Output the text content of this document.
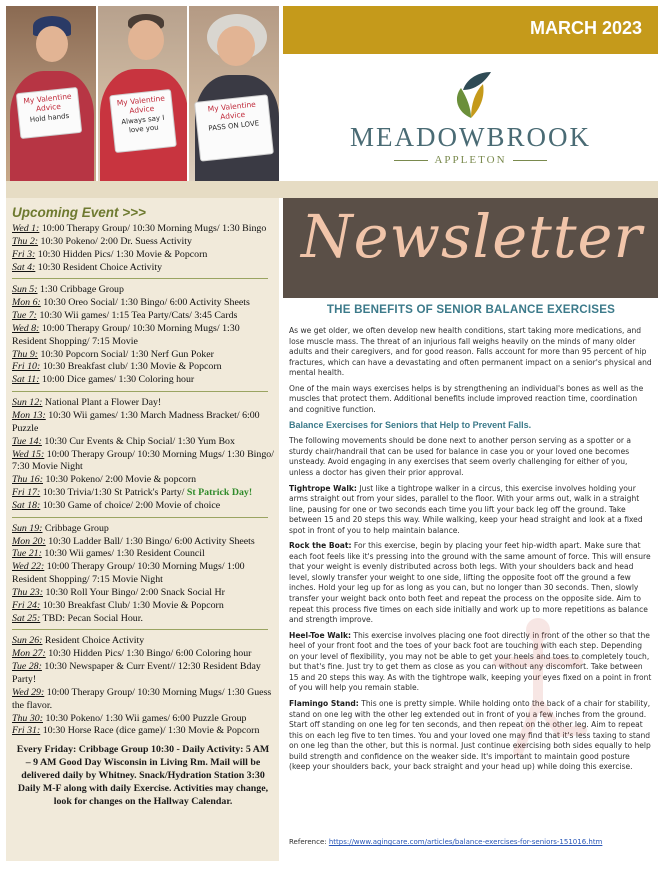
My Valentine Advice
Hold hands
My Valentine Advice
Always say I love you
My Valentine Advice
PASS ON LOVE
MARCH 2023
MEADOWBROOK
APPLETON
Upcoming Event >>>
Wed 1: 10:00 Therapy Group/ 10:30 Morning Mugs/ 1:30 Bingo
Thu 2: 10:30 Pokeno/ 2:00 Dr. Suess Activity
Fri 3: 10:30 Hidden Pics/ 1:30 Movie & Popcorn
Sat 4: 10:30 Resident Choice Activity
Sun 5: 1:30 Cribbage Group
Mon 6: 10:30 Oreo Social/ 1:30 Bingo/ 6:00 Activity Sheets
Tue 7: 10:30 Wii games/ 1:15 Tea Party/Cats/ 3:45 Cards
Wed 8: 10:00 Therapy Group/ 10:30 Morning Mugs/ 1:30 Resident Shopping/ 7:15 Movie
Thu 9: 10:30 Popcorn Social/ 1:30 Nerf Gun Poker
Fri 10: 10:30 Breakfast club/ 1:30 Movie & Popcorn
Sat 11: 10:00 Dice games/ 1:30 Coloring hour
Sun 12: National Plant a Flower Day!
Mon 13: 10:30 Wii games/ 1:30 March Madness Bracket/ 6:00 Puzzle
Tue 14: 10:30 Cur Events & Chip Social/ 1:30 Yum Box
Wed 15: 10:00 Therapy Group/ 10:30 Morning Mugs/ 1:30 Bingo/ 7:30 Movie Night
Thu 16: 10:30 Pokeno/ 2:00 Movie & popcorn
Fri 17: 10:30 Trivia/1:30 St Patrick's Party/ St Patrick Day!
Sat 18: 10:30 Game of choice/ 2:00 Movie of choice
Sun 19: Cribbage Group
Mon 20: 10:30 Ladder Ball/ 1:30 Bingo/ 6:00 Activity Sheets
Tue 21: 10:30 Wii games/ 1:30 Resident Council
Wed 22: 10:00 Therapy Group/ 10:30 Morning Mugs/ 1:00 Resident Shopping/ 7:15 Movie Night
Thu 23: 10:30 Roll Your Bingo/ 2:00 Snack Social Hr
Fri 24: 10:30 Breakfast Club/ 1:30 Movie & Popcorn
Sat 25: TBD: Pecan Social Hour.
Sun 26: Resident Choice Activity
Mon 27: 10:30 Hidden Pics/ 1:30 Bingo/ 6:00 Coloring hour
Tue 28: 10:30 Newspaper & Curr Event// 12:30 Resident Bday Party!
Wed 29: 10:00 Therapy Group/ 10:30 Morning Mugs/ 1:30 Guess the flavor.
Thu 30: 10:30 Pokeno/ 1:30 Wii games/ 6:00 Puzzle Group
Fri 31: 10:30 Horse Race (dice game)/ 1:30 Movie & Popcorn
Every Friday: Cribbage Group 10:30 - Daily Activity: 5 AM – 9 AM Good Day Wisconsin in Living Rm. Mail will be delivered daily by Whitney. Snack/Hydration Station 3:30 Daily M-F along with daily Exercise. Activities may change, look for changes on the Hallway Calendar.
Newsletter
THE BENEFITS OF SENIOR BALANCE EXERCISES
As we get older, we often develop new health conditions, start taking more medications, and lose muscle mass. The threat of an injurious fall weighs heavily on the minds of many older adults and their caregivers, and for good reason. Falls account for more than 95 percent of hip fractures, which can have a devastating and often permanent impact on a senior's physical and mental health.
One of the main ways exercises helps is by strengthening an individual's bones as well as the muscles that protect them. Additional benefits include improved reaction time, coordination and cognitive function.
Balance Exercises for Seniors that Help to Prevent Falls.
The following movements should be done next to another person serving as a spotter or a sturdy chair/handrail that can be used for balance in case you or your loved one becomes unsteady. Avoid engaging in any exercises that seem overly challenging for either of you, unless a doctor has given their prior approval.
Tightrope Walk: Just like a tightrope walker in a circus, this exercise involves holding your arms straight out from your sides, parallel to the floor. With your arms out, walk in a straight line, pausing for one or two seconds each time you lift your back leg off the ground. Take between 15 and 20 steps this way. While walking, keep your head straight and look at a fixed spot in front of you to help maintain balance.
Rock the Boat: For this exercise, begin by placing your feet hip-width apart. Make sure that each foot feels like it's pressing into the ground with the same amount of force. This will ensure that your weight is evenly distributed across both legs. With your shoulders back and head level, slowly transfer your weight to one side, lifting the opposite foot off the ground a few inches. Hold your leg up for as long as you can, but no longer than 30 seconds. Then, slowly transfer your weight back onto both feet and repeat the process on the opposite side. Aim to repeat this process five times on each side initially and work up to more repetitions as balance and strength improve.
Heel-Toe Walk: This exercise involves placing one foot directly in front of the other so that the heel of your front foot and the toes of your back foot are touching with each step. Depending on your level of flexibility, you may not be able to get your heels and toes to completely touch, but that's fine. Just try to get them as close as you can without any discomfort. Take between 15 and 20 steps this way. As with the tightrope walk, keeping your eyes fixed on a point in front of you will help you remain stable.
Flamingo Stand: This one is pretty simple. While holding onto the back of a chair for stability, stand on one leg with the other leg extended out in front of you a few inches from the ground. Start off standing on one leg for ten seconds, and then repeat on the other leg. Aim to repeat this on each leg five to ten times. You and your loved one may find that it's less taxing to stand on one leg than the other, but this is normal. Just continue exercising both sides equally to help build strength and confidence on the weaker side. It's important to maintain good posture (keep your shoulders back, your back straight and your head up) while doing this exercise.
Reference: https://www.agingcare.com/articles/balance-exercises-for-seniors-151016.htm
